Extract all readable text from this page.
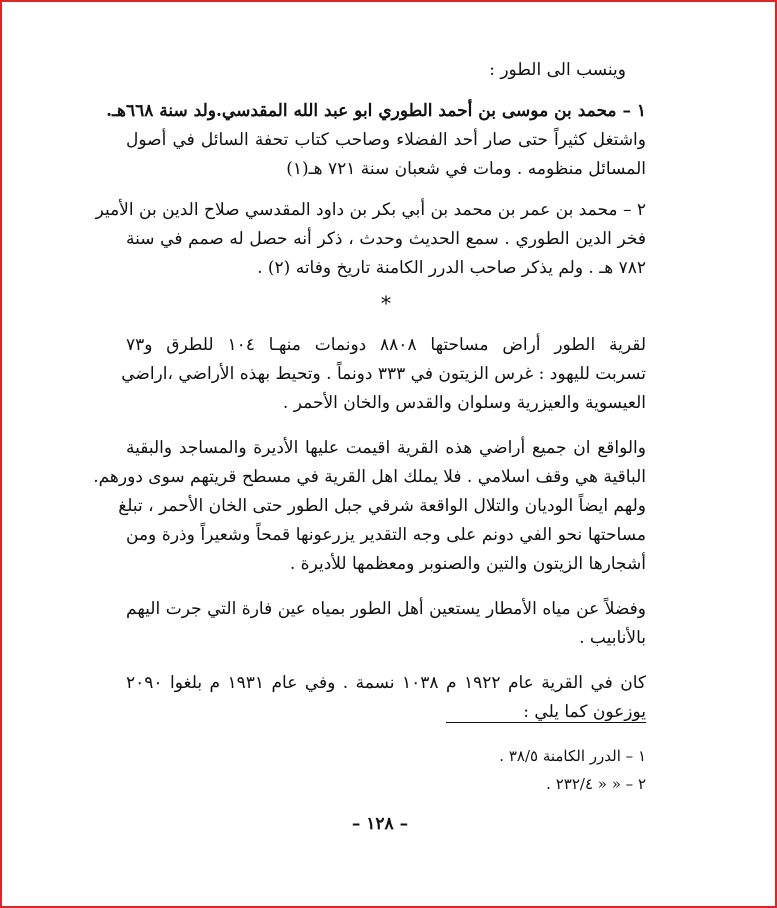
وينسب الى الطور :
١ – محمد بن موسى بن أحمد الطوري ابو عبد الله المقدسي.ولد سنة ٦٦٨هـ.
واشتغل كثيراً حتى صار أحد الفضلاء وصاحب كتاب تحفة السائل في أصول
المسائل منظومه . ومات في شعبان سنة ٧٢١ هـ(١)
٢ – محمد بن عمر بن محمد بن أبي بكر بن داود المقدسي صلاح الدين بن الأمير
فخر الدين الطوري . سمع الحديث وحدث ، ذكر أنه حصل له صمم في سنة
٧٨٢ هـ . ولم يذكر صاحب الدرر الكامنة تاريخ وفاته (٢) .
لقرية الطور أراض مساحتها ٨٨٠٨ دونمات منهـا ١٠٤ للطرق و٧٣
تسربت لليهود : غرس الزيتون في ٣٣٣ دونماً . وتحيط بهذه الأراضي ،اراضي
العيسوية والعيزرية وسلوان والقدس والخان الأحمر .
والواقع ان جميع أراضي هذه القرية اقيمت عليها الأديرة والمساجد والبقية
الباقية هي وقف اسلامي . فلا يملك اهل القرية في مسطح قريتهم سوى دورهم.
ولهم ايضاً الوديان والتلال الواقعة شرقي جبل الطور حتى الخان الأحمر ، تبلغ
مساحتها نحو الفي دونم على وجه التقدير يزرعونها قمحاً وشعيراً وذرة ومن
أشجارها الزيتون والتين والصنوبر ومعظمها للأديرة .
وفضلاً عن مياه الأمطار يستعين أهل الطور بمياه عين فارة التي جرت اليهم
بالأنابيب .
كان في القرية عام ١٩٢٢ م ١٠٣٨ نسمة . وفي عام ١٩٣١ م بلغوا ٢٠٩٠
يوزعون كما يلي :
*
١ – الدرر الكامنة ٣٨/٥ .
٢ – « « ٢٣٢/٤ .
– ١٢٨ –
